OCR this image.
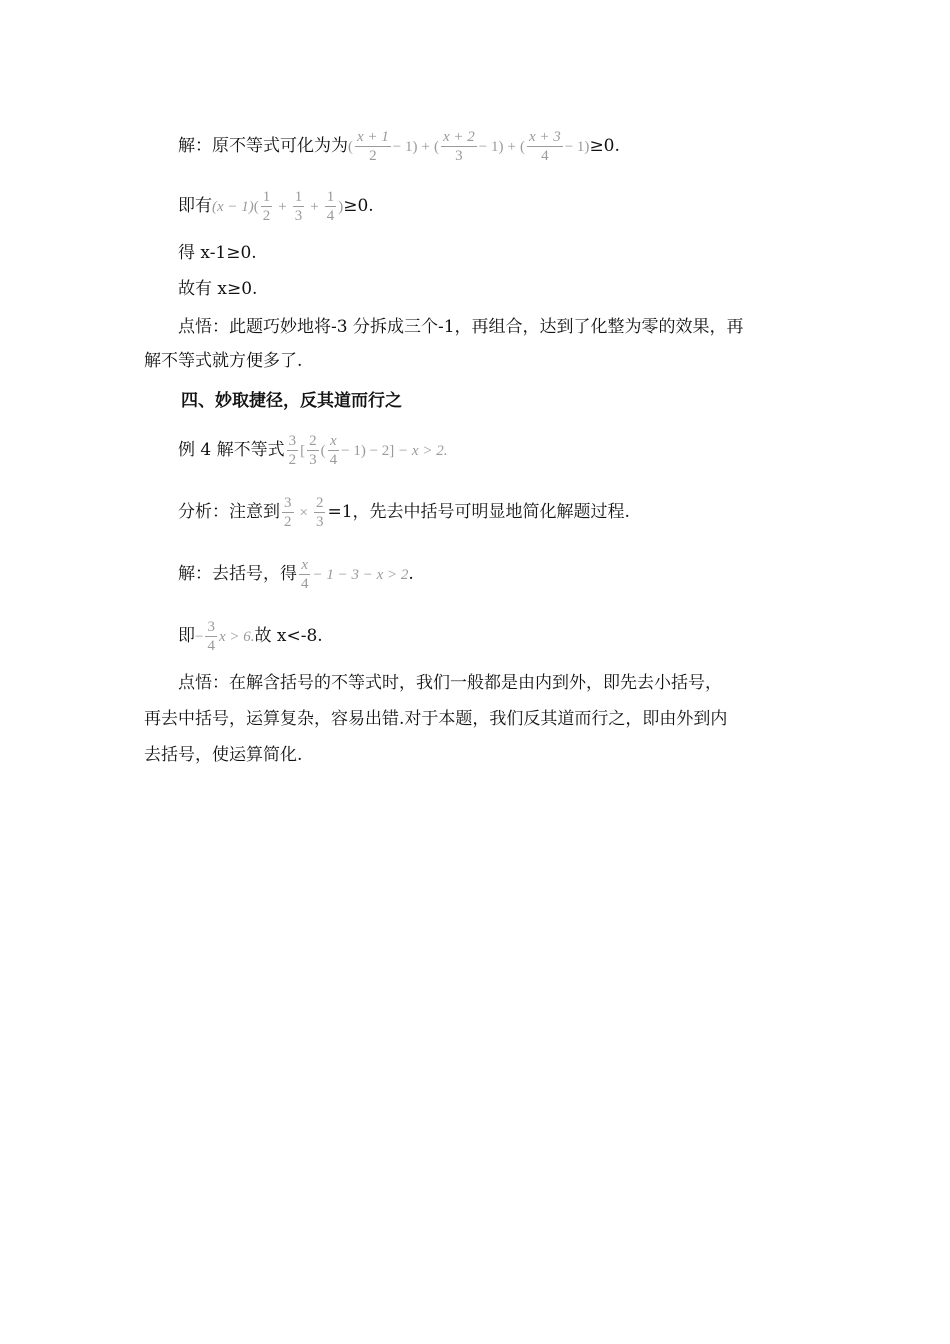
解：原不等式可化为为 ( $\frac{x + 1}{2} - 1$) + ( $\frac{x + 2}{3} - 1$) + ( $\frac{x + 3}{4} - 1) \ge 0$.
即有 (x − 1) ( $\frac{1}{2} + \frac{1}{3} + \frac{1}{4}$ ) ≥0.
得 x-1≥0.
故有 x≥0.
点悟：此题巧妙地将-3 分拆成三个-1，再组合，达到了化整为零的效果，再
解不等式就方便多了.
四、妙取捷径，反其道而行之
例 4 解不等式 $\frac{3}{2}$ [ $\frac{2}{3}$ ( $\frac{x}{4} - 1) - 2$]
− x > 2.
分析：注意到 $\frac{3}{2} \times \frac{2}{3} =1$，先去中括号可明显地简化解题过程.
解：去括号，得 $\frac{x}{4} - 1 - 3 - x > 2$ .
即 − $\frac{3}{4}$ x > 6. 故 x<-8.
点悟：在解含括号的不等式时，我们一般都是由内到外，即先去小括号，
再去中括号，运算复杂，容易出错.对于本题，我们反其道而行之，即由外到内
去括号，使运算简化.
